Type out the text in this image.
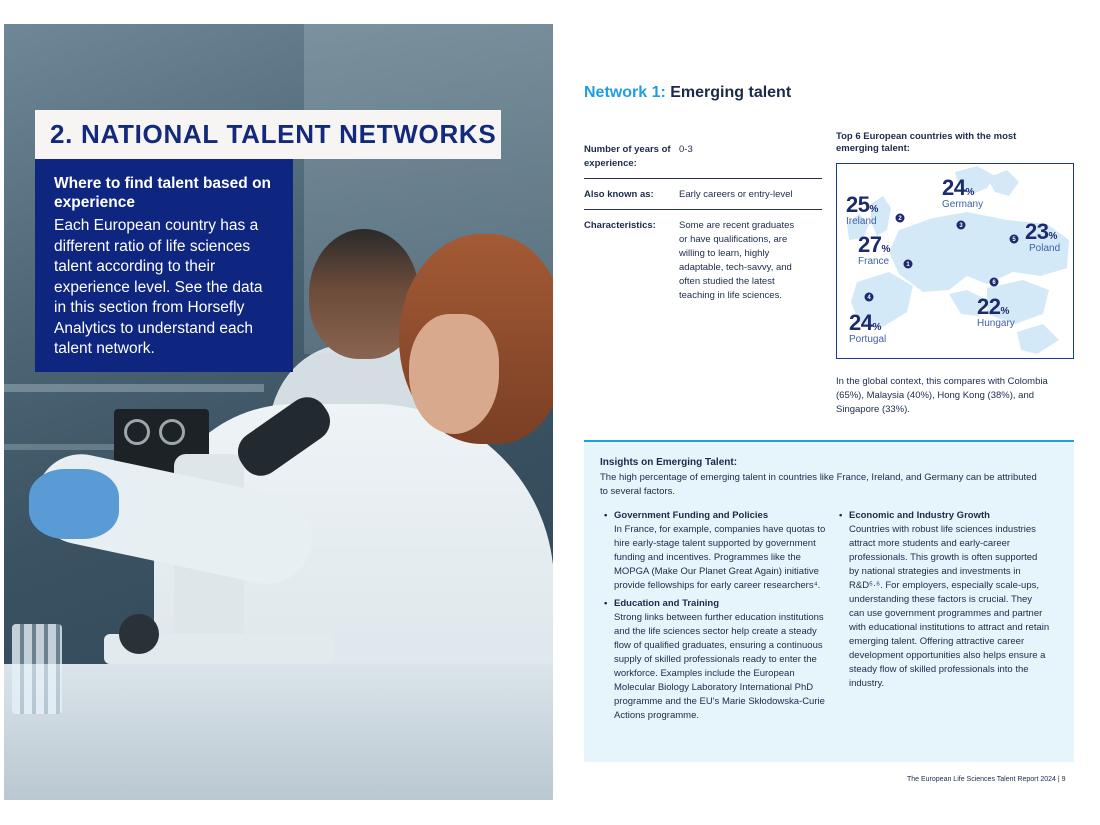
2. NATIONAL TALENT NETWORKS
Where to find talent based on experience
Each European country has a different ratio of life sciences talent according to their experience level. See the data in this section from Horsefly Analytics to understand each talent network.
Network 1: Emerging talent
Number of years of experience:
0-3
Also known as:	Early careers or entry-level
Characteristics:	Some are recent graduates or have qualifications, are willing to learn, highly adaptable, tech-savvy, and often studied the latest teaching in life sciences.
Top 6 European countries with the most emerging talent:
2
3
1
5
6
4
25%
Ireland
24%
Germany
27%
France
23%
Poland
22%
Hungary
24%
Portugal
In the global context, this compares with Colombia (65%), Malaysia (40%), Hong Kong (38%), and Singapore (33%).
Insights on Emerging Talent:
The high percentage of emerging talent in countries like France, Ireland, and Germany can be attributed to several factors.
• Government Funding and Policies
In France, for example, companies have quotas to hire early-stage talent supported by government funding and incentives. Programmes like the MOPGA (Make Our Planet Great Again) initiative provide fellowships for early career researchers⁴.
• Education and Training
Strong links between further education institutions and the life sciences sector help create a steady flow of qualified graduates, ensuring a continuous supply of skilled professionals ready to enter the workforce. Examples include the European Molecular Biology Laboratory International PhD programme and the EU's Marie Skłodowska-Curie Actions programme.
• Economic and Industry Growth
Countries with robust life sciences industries attract more students and early-career professionals. This growth is often supported by national strategies and investments in R&D⁵·⁶. For employers, especially scale-ups, understanding these factors is crucial. They can use government programmes and partner with educational institutions to attract and retain emerging talent. Offering attractive career development opportunities also helps ensure a steady flow of skilled professionals into the industry.
The European Life Sciences Talent Report 2024 | 9
